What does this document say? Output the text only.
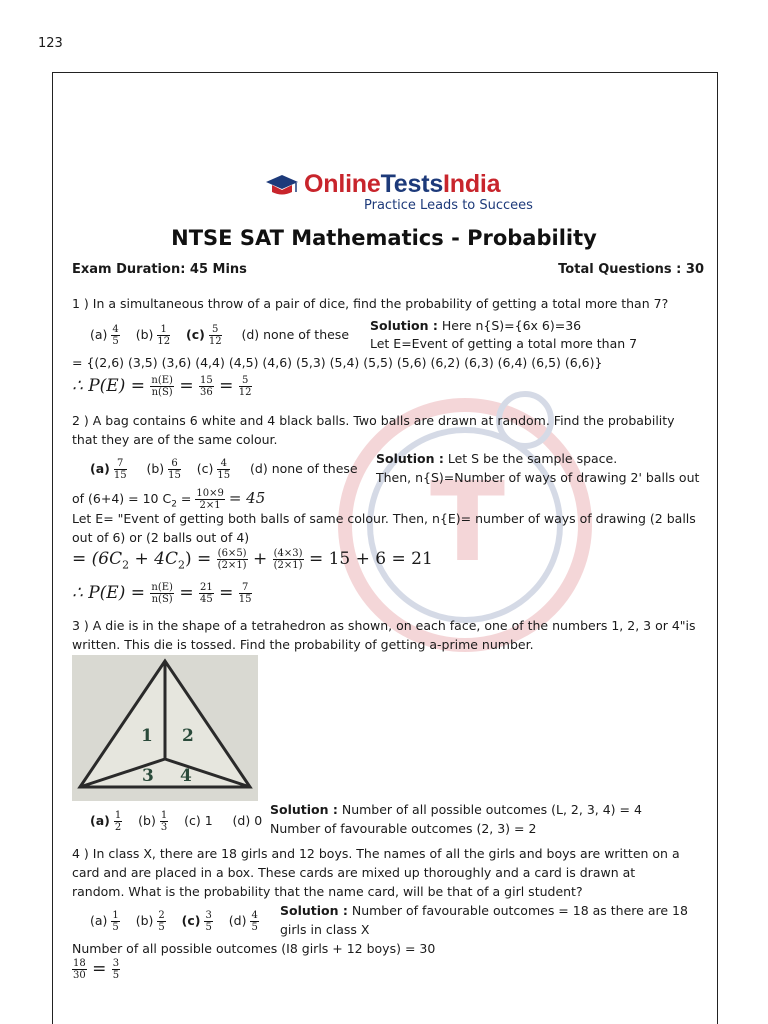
123
T
OnlineTestsIndia
Practice Leads to Succees
NTSE SAT Mathematics - Probability
Exam Duration: 45 Mins	Total Questions : 30
1 ) In a simultaneous throw of a pair of dice, find the probability of getting a total more than 7?
$(a) \frac{4}{5} (b) \frac{1}{12} (c) \frac{5}{12} (d)$ none of these
Solution : Here n{S)={6x 6)=36
Let E=Event of getting a total more than 7
= {(2,6) (3,5) (3,6) (4,4) (4,5) (4,6) (5,3) (5,4) (5,5) (5,6) (6,2) (6,3) (6,4) (6,5) (6,6)}
∴ $P(E) = \frac{n(E)}{n(S)} = \frac{15}{36} = \frac{5}{12}$
2 ) A bag contains 6 white and 4 black balls. Two balls are drawn at random. Find the probability
that they are of the same colour.
$(a) \frac{7}{15} (b) \frac{6}{15} (c) \frac{4}{15} (d)$ none of these
Solution : Let S be the sample space.
Then, n{S)=Number of ways of drawing 2' balls out
of (6+4) = 10 $C_2 = \frac{10\times 9}{2\times 1} = 45$
Let E= "Event of getting both balls of same colour. Then, n{E)= number of ways of drawing (2 balls
out of 6) or (2 balls out of 4)
= $(6C_2 + 4C_2) = \frac{(6\times 5)}{(2\times 1)} + \frac{(4\times 3)}{(2\times 1)} = 15 + 6 = 21$
∴ $P(E) = \frac{n(E)}{n(S)} = \frac{21}{45} = \frac{7}{15}$
3 ) A die is in the shape of a tetrahedron as shown, on each face, one of the numbers 1, 2, 3 or 4"is
written. This die is tossed. Find the probability of getting a-prime number.
1 2
3 4
$(a) \frac{1}{2} (b) \frac{1}{3} (c)$ 1 (d) 0
Solution : Number of all possible outcomes (L, 2, 3, 4) = 4
Number of favourable outcomes (2, 3) = 2
4 ) In class X, there are 18 girls and 12 boys. The names of all the girls and boys are written on a
card and are placed in a box. These cards are mixed up thoroughly and a card is drawn at
random. What is the probability that the name card, will be that of a girl student?
$(a) \frac{1}{5} (b) \frac{2}{5} (c) \frac{3}{5} (d) \frac{4}{5}$ Solution : Number of favourable outcomes = 18 as there are 18
girls in class X
Number of all possible outcomes (I8 girls + 12 boys) = 30
$\frac{18}{30} = \frac{3}{5}$
